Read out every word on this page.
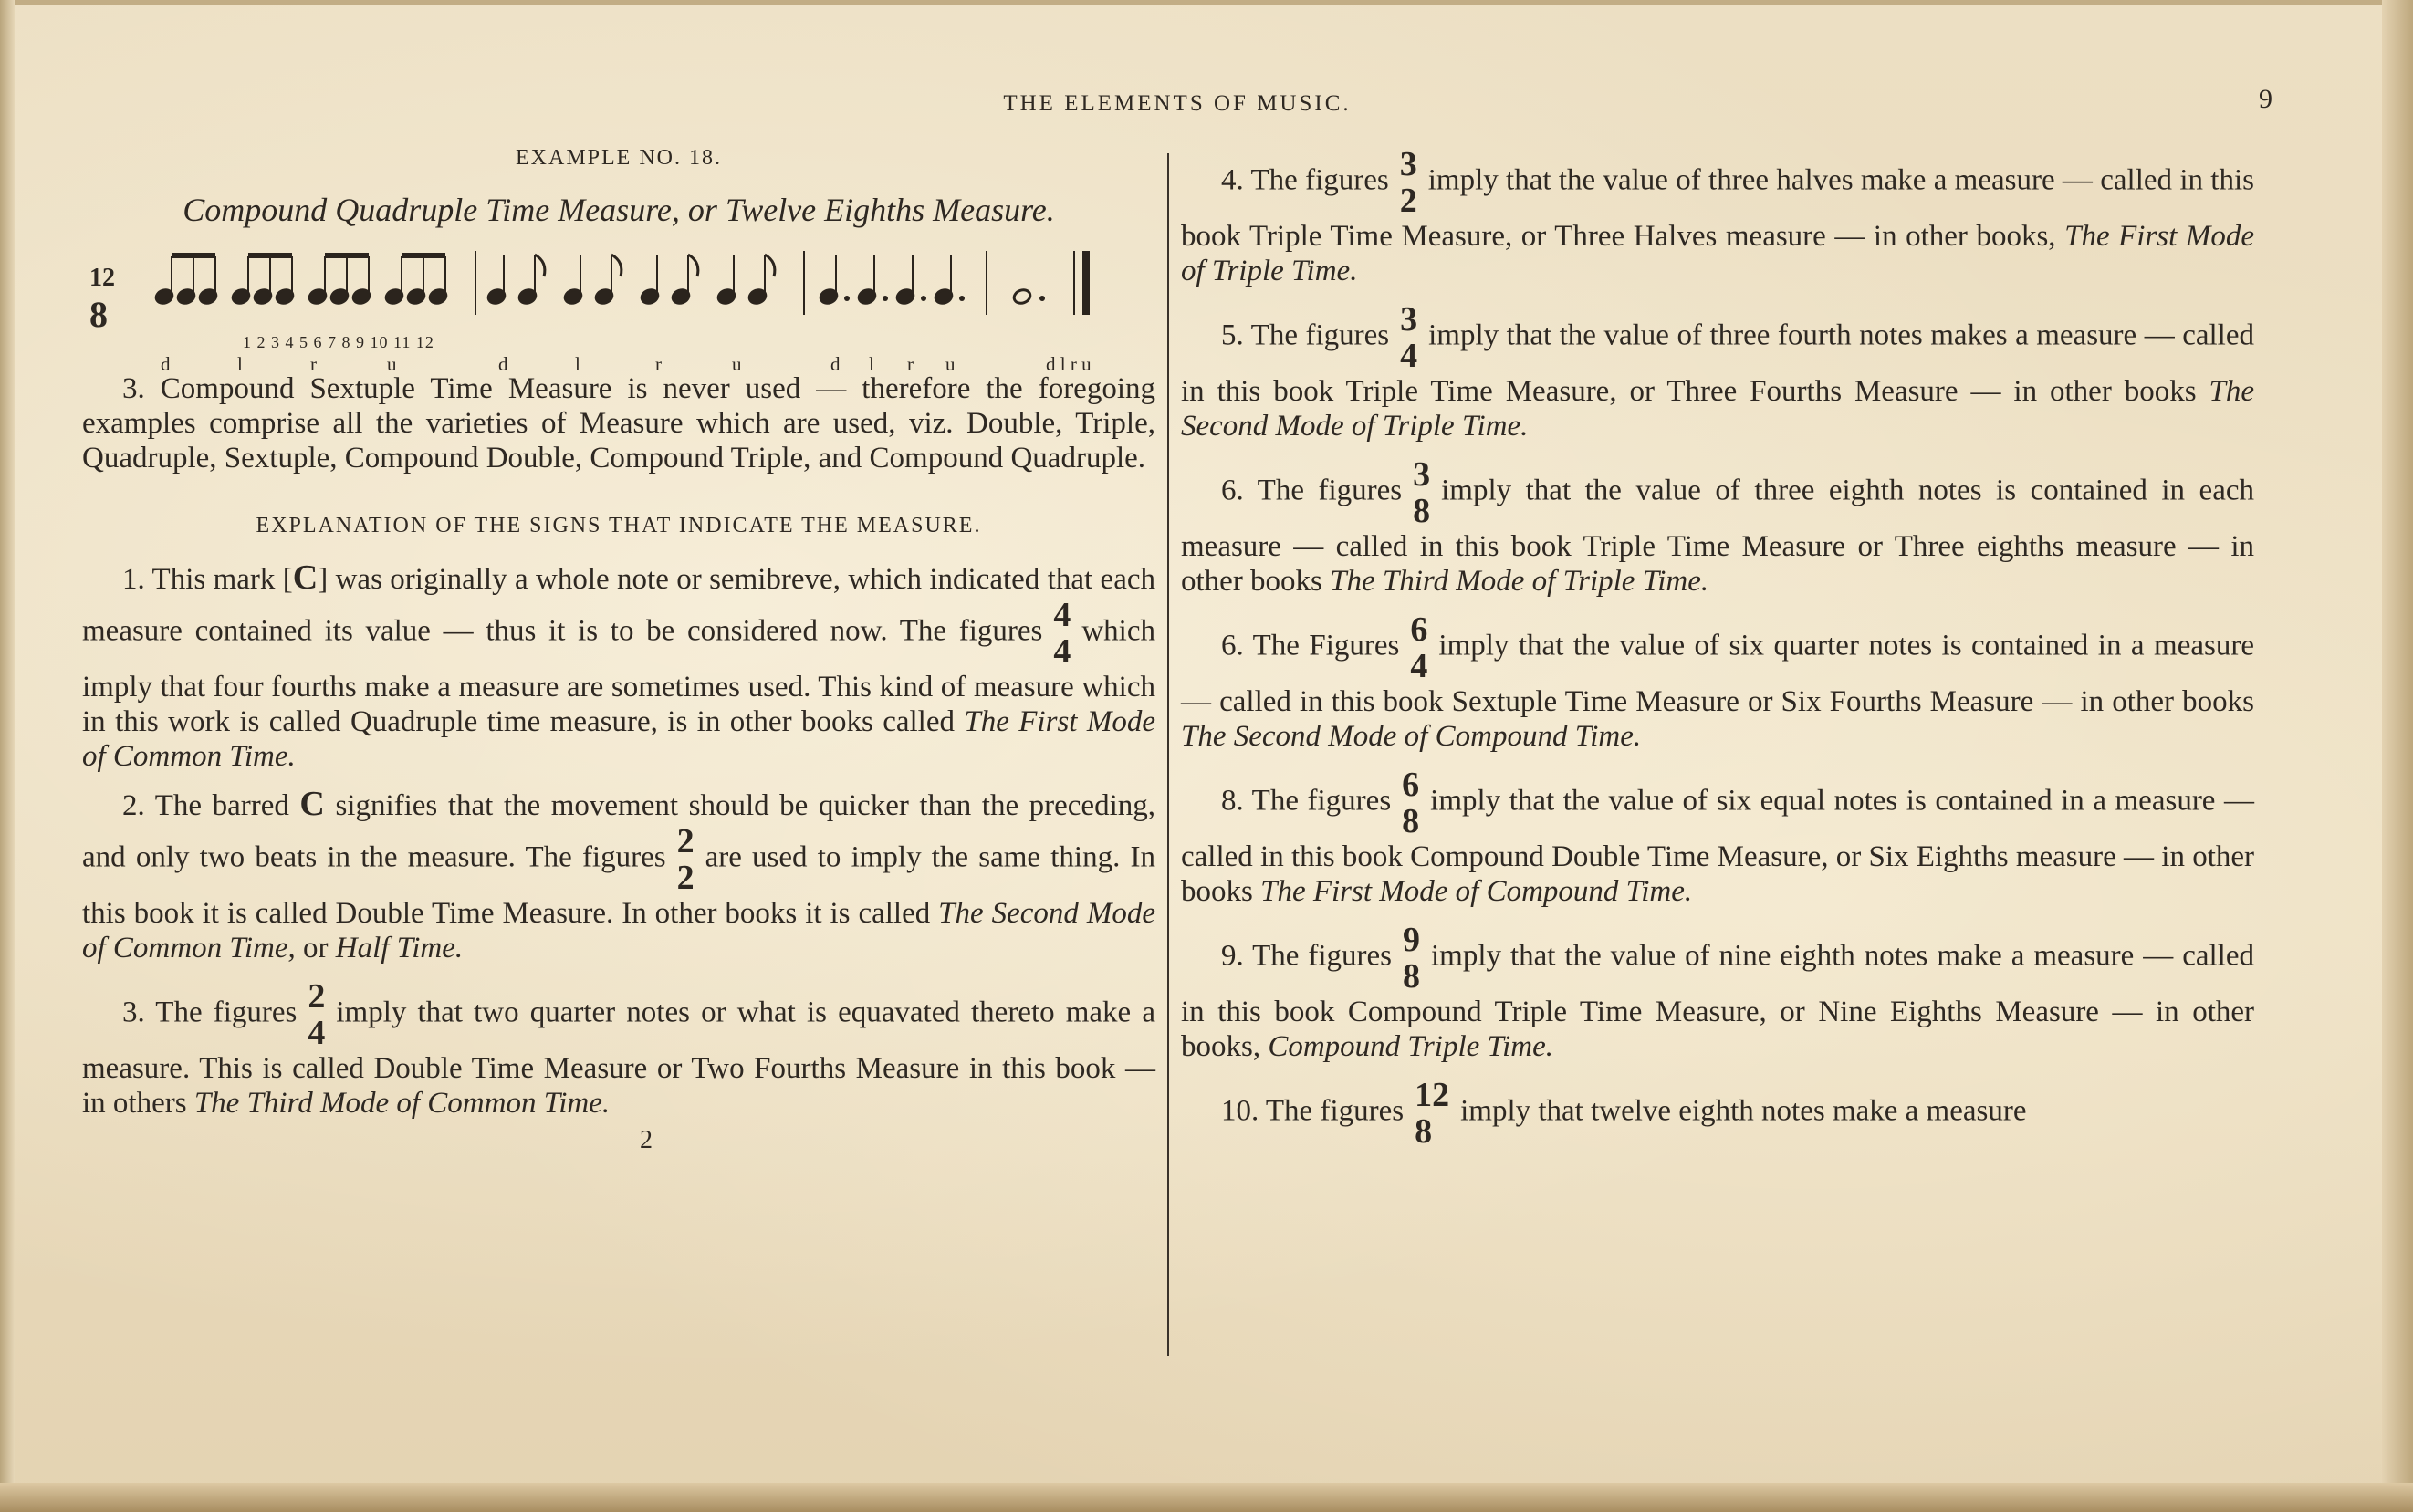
THE ELEMENTS OF MUSIC.	9

EXAMPLE NO. 18.

Compound Quadruple Time Measure, or Twelve Eighths Measure.

12
8
1 2 3 4 5 6 7 8 9 10 11 12
d	l	r	u	d	l	r	u	d l r u	d l r u

3. Compound Sextuple Time Measure is never used — therefore the foregoing examples comprise all the varieties of Measure which are used, viz. Double, Triple, Quadruple, Sextuple, Compound Double, Compound Triple, and Compound Quadruple.

EXPLANATION OF THE SIGNS THAT INDICATE THE MEASURE.

1. This mark [C] was originally a whole note or semibreve, which indicated that each measure contained its value — thus it is to be considered now. The figures 4
4
which imply that four fourths make a measure are sometimes used. This kind of measure which in this work is called Quadruple time measure, is in other books called The First Mode of Common Time.

2. The barred C signifies that the movement should be quicker than the preceding, and only two beats in the measure. The figures 2
2
are used to imply the same thing. In this book it is called Double Time Measure. In other books it is called The Second Mode of Common Time, or Half Time.

3. The figures 2
4
imply that two quarter notes or what is equavated thereto make a measure. This is called Double Time Measure or Two Fourths Measure in this book — in others The Third Mode of Common Time.

2

4. The figures 3
2
imply that the value of three halves make a measure — called in this book Triple Time Measure, or Three Halves measure — in other books, The First Mode of Triple Time.

5. The figures 3
4
imply that the value of three fourth notes makes a measure — called in this book Triple Time Measure, or Three Fourths Measure — in other books The Second Mode of Triple Time.

6. The figures 3
8
imply that the value of three eighth notes is contained in each measure — called in this book Triple Time Measure or Three eighths measure — in other books The Third Mode of Triple Time.

6. The Figures 6
4
imply that the value of six quarter notes is contained in a measure — called in this book Sextuple Time Measure or Six Fourths Measure — in other books The Second Mode of Compound Time.

8. The figures 6
8
imply that the value of six equal notes is contained in a measure — called in this book Compound Double Time Measure, or Six Eighths measure — in other books The First Mode of Compound Time.

9. The figures 9
8
imply that the value of nine eighth notes make a measure — called in this book Compound Triple Time Measure, or Nine Eighths Measure — in other books, Compound Triple Time.

10. The figures 12
8
imply that twelve eighth notes make a measure
